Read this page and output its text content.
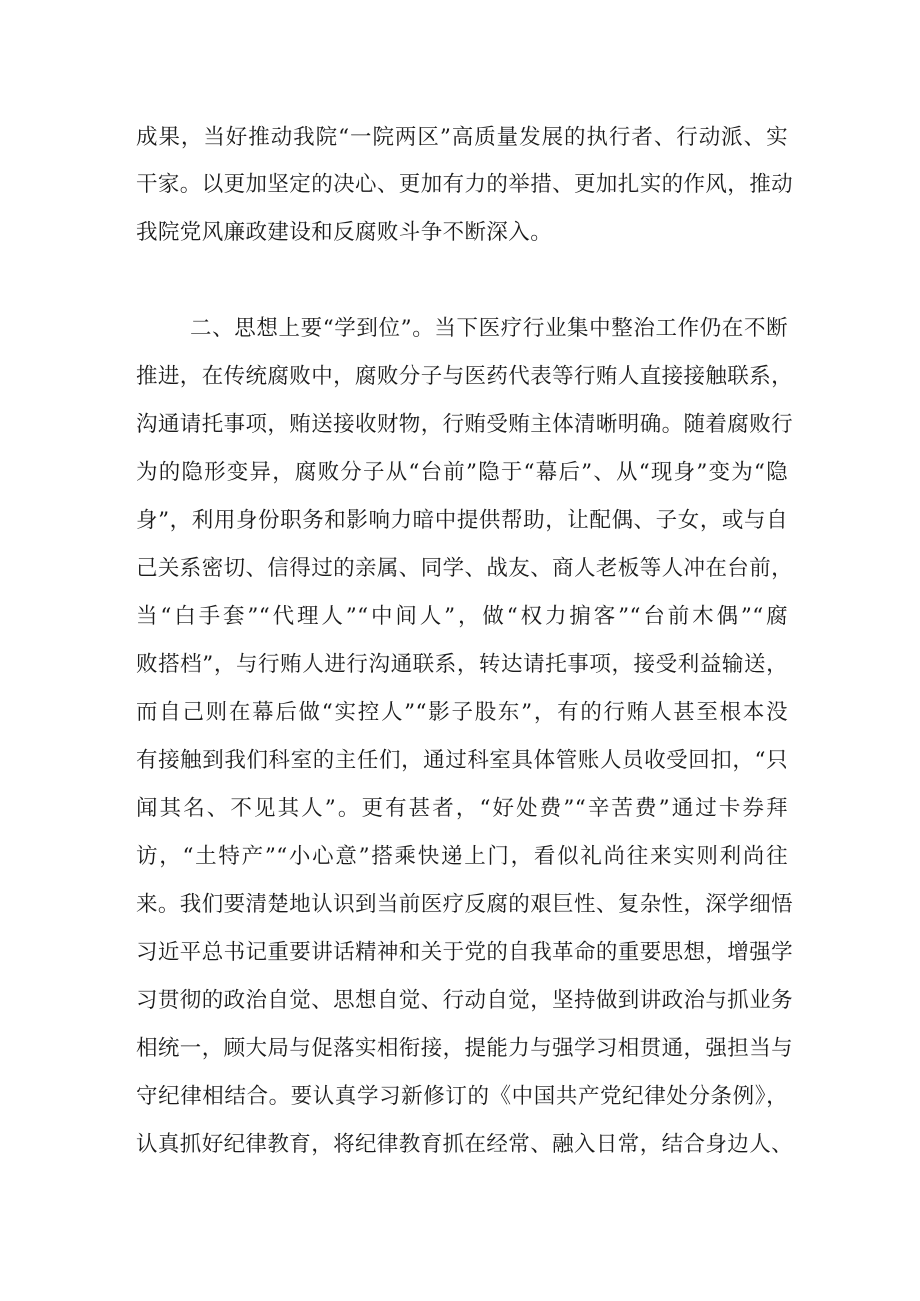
成果，当好推动我院“一院两区”高质量发展的执行者、行动派、实
干家。以更加坚定的决心、更加有力的举措、更加扎实的作风，推动
我院党风廉政建设和反腐败斗争不断深入。
二、思想上要“学到位”。当下医疗行业集中整治工作仍在不断
推进，在传统腐败中，腐败分子与医药代表等行贿人直接接触联系，
沟通请托事项，贿送接收财物，行贿受贿主体清晰明确。随着腐败行
为的隐形变异，腐败分子从“台前”隐于“幕后”、从“现身”变为“隐
身”，利用身份职务和影响力暗中提供帮助，让配偶、子女，或与自
己关系密切、信得过的亲属、同学、战友、商人老板等人冲在台前，
当“白手套”“代理人”“中间人”，做“权力掮客”“台前木偶”“腐
败搭档”，与行贿人进行沟通联系，转达请托事项，接受利益输送，
而自己则在幕后做“实控人”“影子股东”，有的行贿人甚至根本没
有接触到我们科室的主任们，通过科室具体管账人员收受回扣，“只
闻其名、不见其人”。更有甚者，“好处费”“辛苦费”通过卡券拜
访，“土特产”“小心意”搭乘快递上门，看似礼尚往来实则利尚往
来。我们要清楚地认识到当前医疗反腐的艰巨性、复杂性，深学细悟
习近平总书记重要讲话精神和关于党的自我革命的重要思想，增强学
习贯彻的政治自觉、思想自觉、行动自觉，坚持做到讲政治与抓业务
相统一，顾大局与促落实相衔接，提能力与强学习相贯通，强担当与
守纪律相结合。要认真学习新修订的《中国共产党纪律处分条例》，
认真抓好纪律教育，将纪律教育抓在经常、融入日常，结合身边人、
